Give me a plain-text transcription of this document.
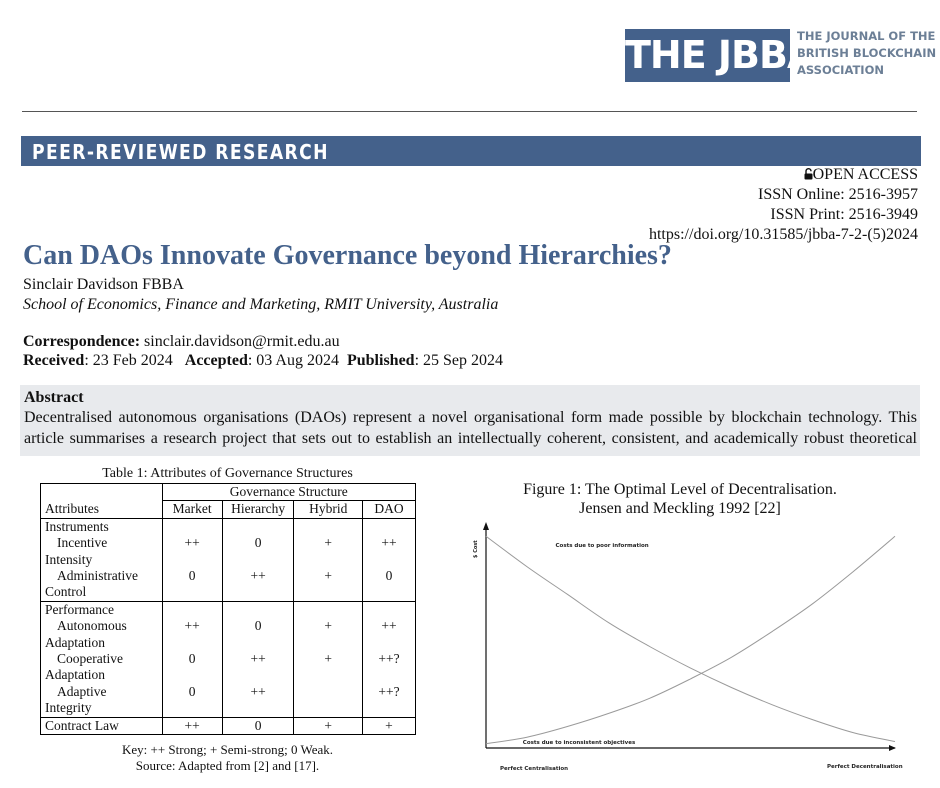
THE JBBA
THE JOURNAL OF THE
BRITISH BLOCKCHAIN
ASSOCIATION
PEER-REVIEWED RESEARCH
OPEN ACCESS
ISSN Online: 2516-3957
ISSN Print: 2516-3949
https://doi.org/10.31585/jbba-7-2-(5)2024
Can DAOs Innovate Governance beyond Hierarchies?
Sinclair Davidson FBBA
School of Economics, Finance and Marketing, RMIT University, Australia
Correspondence: sinclair.davidson@rmit.edu.au
Received: 23 Feb 2024 Accepted: 03 Aug 2024 Published: 25 Sep 2024
Abstract
Decentralised autonomous organisations (DAOs) represent a novel organisational form made possible by blockchain technology. This
article summarises a research project that sets out to establish an intellectually coherent, consistent, and academically robust theoretical
Table 1: Attributes of Governance Structures
	Governance Structure			
Attributes	Market	Hierarchy	Hybrid	DAO
Instruments				
Incentive	++	0	+	++
Intensity				
Administrative	0	++	+	0
Control				
Performance				
Autonomous	++	0	+	++
Adaptation				
Cooperative	0	++	+	++?
Adaptation				
Adaptive	0	++		++?
Integrity				
Contract Law	++	0	+	+
Key: ++ Strong; + Semi-strong; 0 Weak.
Source: Adapted from [2] and [17].
Figure 1: The Optimal Level of Decentralisation.
Jensen and Meckling 1992 [22]
$ Cost	Costs due to poor information
Costs due to inconsistent objectives
Perfect Centralisation	Perfect Decentralisation
